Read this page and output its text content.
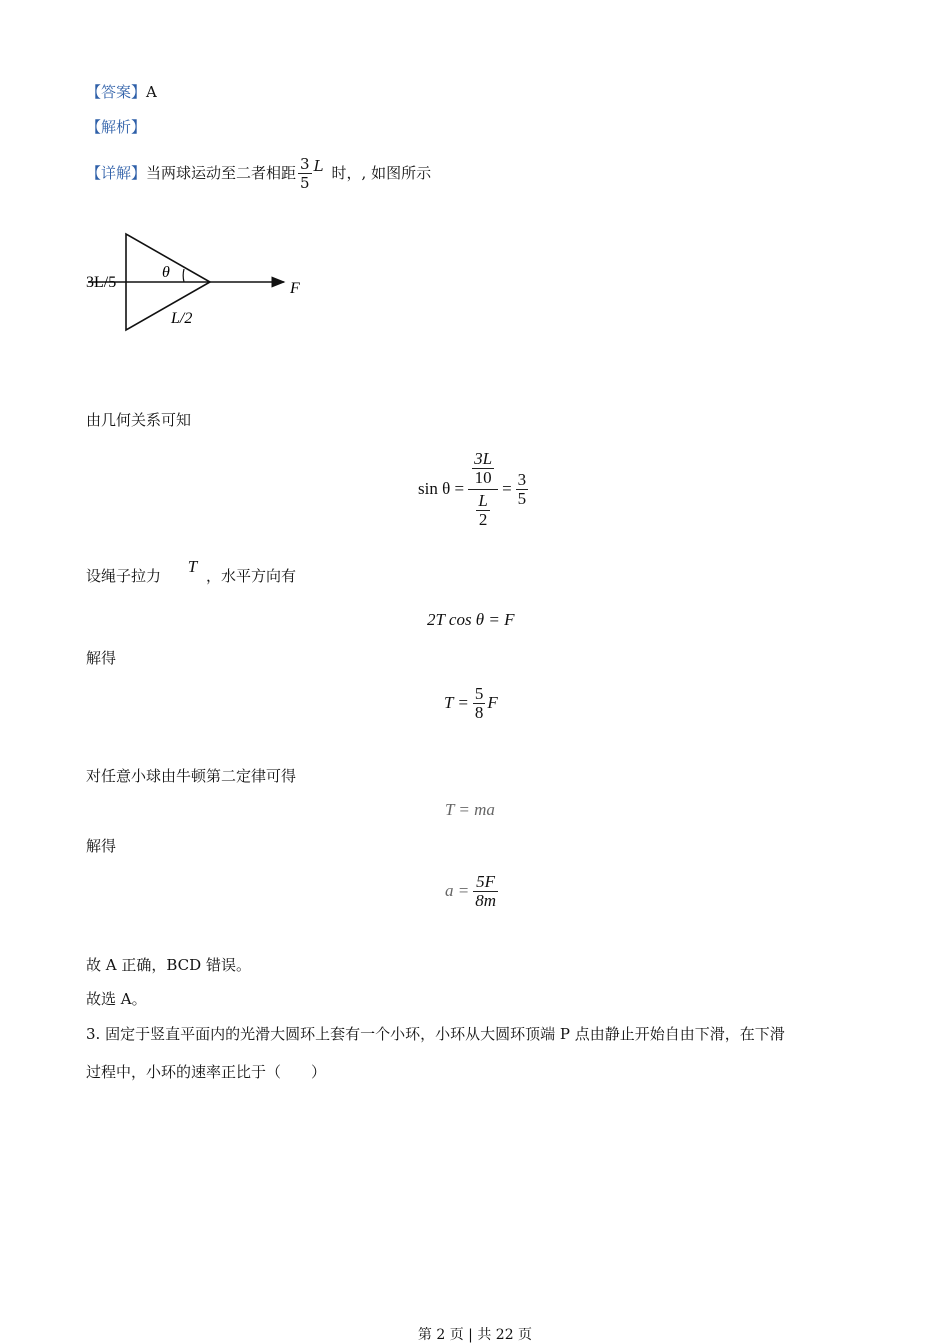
【答案】A
【解析】
【详解】 当两球运动至二者相距 $\frac{3}{5}$ L 时，, 如图所示
3L/5
θ
L/2
F
由几何关系可知
$\sin \theta = \frac{\frac{3L}{10}}{\frac{L}{2}} = \frac{3}{5}$
设绳子拉力 T ，水平方向有
2T cos θ = F
解得
$T = \frac{5}{8}$ F
对任意小球由牛顿第二定律可得
T = ma
解得
$a = \frac{5F}{8m}$
故 A 正确，BCD 错误。
故选 A。
3. 固定于竖直平面内的光滑大圆环上套有一个小环，小环从大圆环顶端 P 点由静止开始自由下滑，在下滑
过程中，小环的速率正比于（　　）
第 2 页 | 共 22 页
